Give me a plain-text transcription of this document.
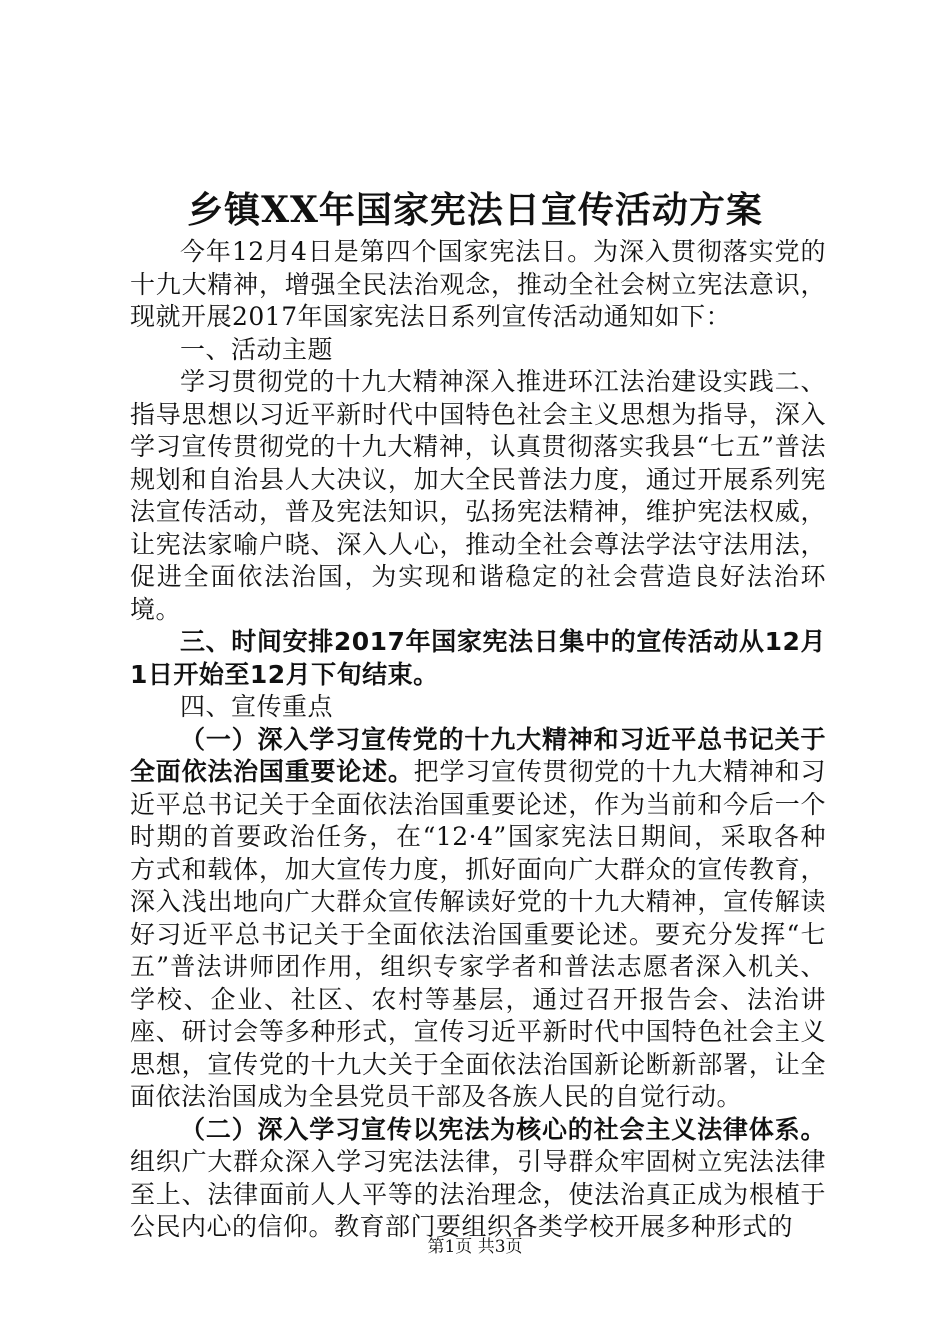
乡镇XX年国家宪法日宣传活动方案

今年12月4日是第四个国家宪法日。为深入贯彻落实党的十九大精神，增强全民法治观念，推动全社会树立宪法意识，现就开展2017年国家宪法日系列宣传活动通知如下：

一、活动主题

学习贯彻党的十九大精神深入推进环江法治建设实践二、指导思想以习近平新时代中国特色社会主义思想为指导，深入学习宣传贯彻党的十九大精神，认真贯彻落实我县“七五”普法规划和自治县人大决议，加大全民普法力度，通过开展系列宪法宣传活动，普及宪法知识，弘扬宪法精神，维护宪法权威，让宪法家喻户晓、深入人心，推动全社会尊法学法守法用法，促进全面依法治国，为实现和谐稳定的社会营造良好法治环境。

三、时间安排2017年国家宪法日集中的宣传活动从12月1日开始至12月下旬结束。

四、宣传重点

（一）深入学习宣传党的十九大精神和习近平总书记关于全面依法治国重要论述。把学习宣传贯彻党的十九大精神和习近平总书记关于全面依法治国重要论述，作为当前和今后一个时期的首要政治任务，在“12·4”国家宪法日期间，采取各种方式和载体，加大宣传力度，抓好面向广大群众的宣传教育，深入浅出地向广大群众宣传解读好党的十九大精神，宣传解读好习近平总书记关于全面依法治国重要论述。要充分发挥“七五”普法讲师团作用，组织专家学者和普法志愿者深入机关、学校、企业、社区、农村等基层，通过召开报告会、法治讲座、研讨会等多种形式，宣传习近平新时代中国特色社会主义思想，宣传党的十九大关于全面依法治国新论断新部署，让全面依法治国成为全县党员干部及各族人民的自觉行动。

（二）深入学习宣传以宪法为核心的社会主义法律体系。组织广大群众深入学习宪法法律，引导群众牢固树立宪法法律至上、法律面前人人平等的法治理念，使法治真正成为根植于公民内心的信仰。教育部门要组织各类学校开展多种形式的

第1页 共3页
